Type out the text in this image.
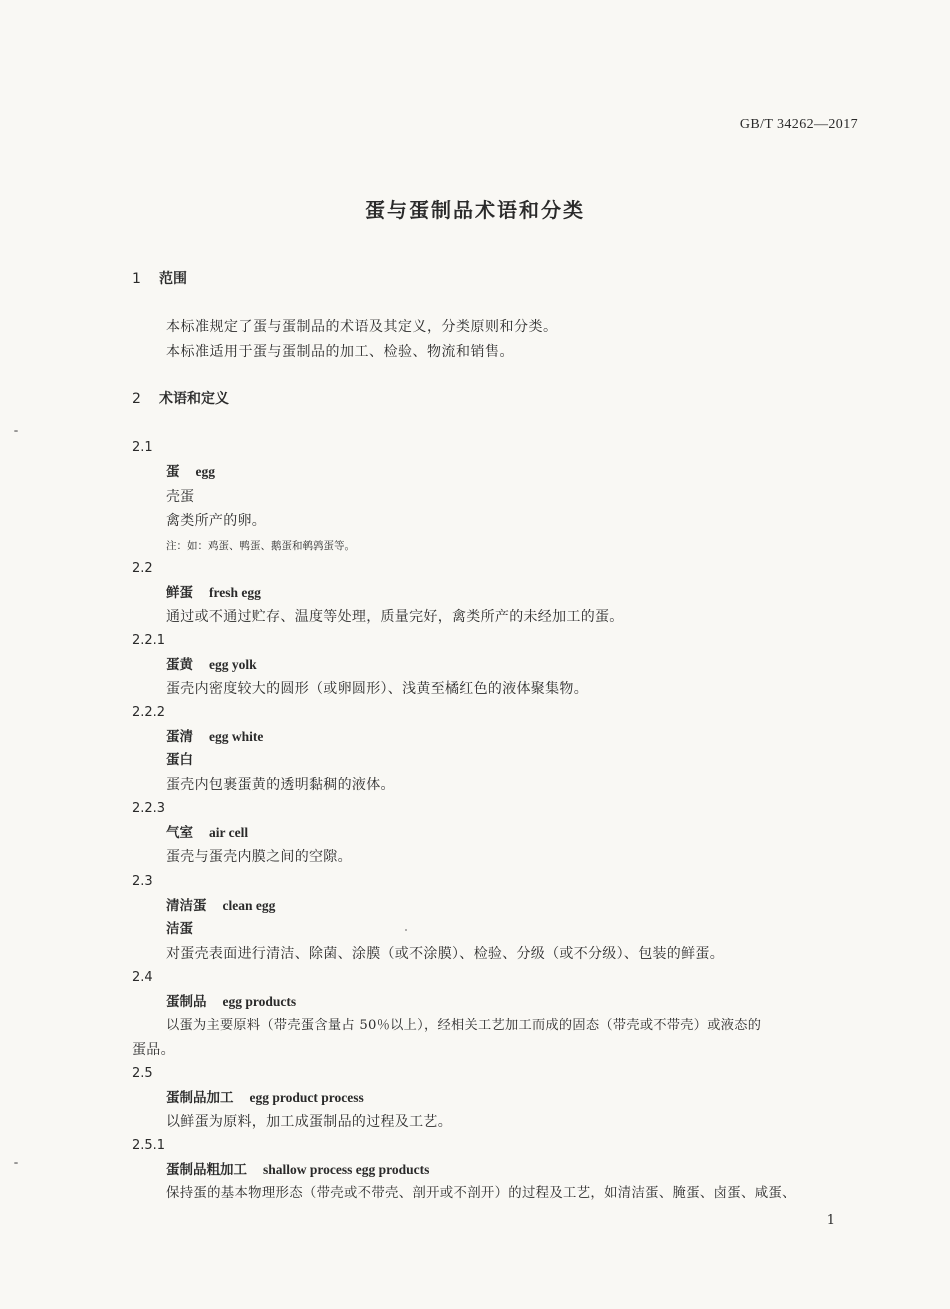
GB/T 34262—2017
蛋与蛋制品术语和分类
1 范围

本标准规定了蛋与蛋制品的术语及其定义，分类原则和分类。

本标准适用于蛋与蛋制品的加工、检验、物流和销售。

2 术语和定义
2.1
蛋 egg
壳蛋
禽类所产的卵。
注：如：鸡蛋、鸭蛋、鹅蛋和鹌鹑蛋等。
2.2
鲜蛋 fresh egg
通过或不通过贮存、温度等处理，质量完好，禽类所产的未经加工的蛋。
2.2.1
蛋黄 egg yolk
蛋壳内密度较大的圆形（或卵圆形）、浅黄至橘红色的液体聚集物。
2.2.2
蛋清 egg white
蛋白
蛋壳内包裹蛋黄的透明黏稠的液体。
2.2.3
气室 air cell
蛋壳与蛋壳内膜之间的空隙。
2.3
清洁蛋 clean egg
洁蛋
对蛋壳表面进行清洁、除菌、涂膜（或不涂膜）、检验、分级（或不分级）、包装的鲜蛋。
2.4
蛋制品 egg products
以蛋为主要原料（带壳蛋含量占 50％以上），经相关工艺加工而成的固态（带壳或不带壳）或液态的
蛋品。
2.5
蛋制品加工 egg product process
以鲜蛋为原料，加工成蛋制品的过程及工艺。
2.5.1
蛋制品粗加工 shallow process egg products
保持蛋的基本物理形态（带壳或不带壳、剖开或不剖开）的过程及工艺，如清洁蛋、腌蛋、卤蛋、咸蛋、
1
